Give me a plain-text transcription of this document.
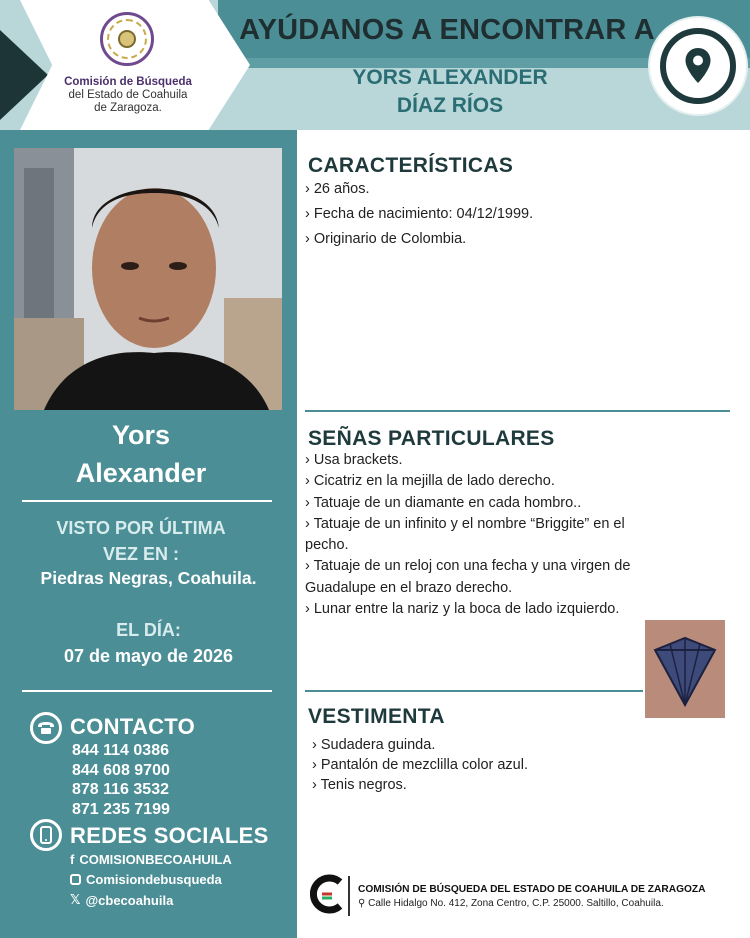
Comisión de Búsqueda
del Estado de Coahuila
de Zaragoza.
AYÚDANOS A ENCONTRAR A
YORS ALEXANDER
DÍAZ RÍOS
Yors
Alexander
VISTO POR ÚLTIMA
VEZ EN :
Piedras Negras, Coahuila.
EL DÍA:
07 de mayo de 2026
CONTACTO
844 114 0386
844 608 9700
878 116 3532
871 235 7199
REDES SOCIALES
f COMISIONBECOAHUILA
Comisiondebusqueda
𝕏 @cbecoahuila
CARACTERÍSTICAS
› 26 años.
› Fecha de nacimiento: 04/12/1999.
› Originario de Colombia.
SEÑAS PARTICULARES
› Usa brackets.
› Cicatriz en la mejilla de lado derecho.
› Tatuaje de un diamante en cada hombro..
› Tatuaje de un infinito y el nombre “Briggite” en el
pecho.
› Tatuaje de un reloj con una fecha y una virgen de
Guadalupe en el brazo derecho.
› Lunar entre la nariz y la boca de lado izquierdo.
VESTIMENTA
› Sudadera guinda.
› Pantalón de mezclilla color azul.
› Tenis negros.
COMISIÓN DE BÚSQUEDA DEL ESTADO DE COAHUILA DE ZARAGOZA
⚲ Calle Hidalgo No. 412, Zona Centro, C.P. 25000. Saltillo, Coahuila.
